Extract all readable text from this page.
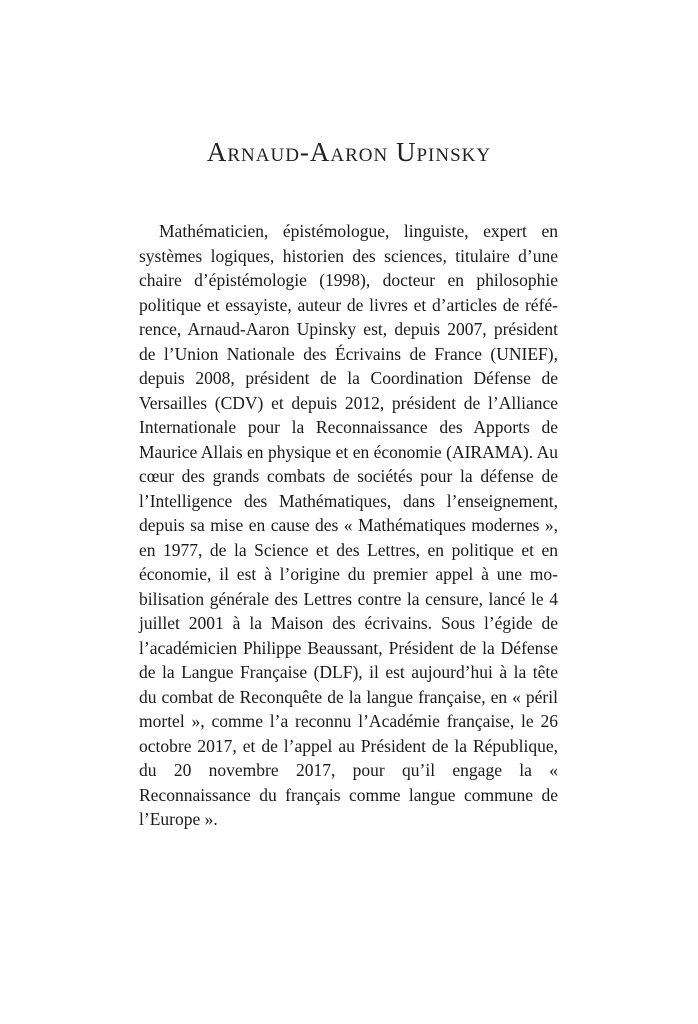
Arnaud-Aaron Upinsky

Mathématicien, épistémologue, linguiste, expert en systèmes logiques, historien des sciences, titulaire d’une chaire d’épistémologie (1998), docteur en philosophie politique et essayiste, auteur de livres et d’articles de référence, Arnaud-Aaron Upinsky est, depuis 2007, président de l’Union Nationale des Écrivains de France (UNIEF), depuis 2008, président de la Coordination Défense de Versailles (CDV) et depuis 2012, président de l’Alliance Internationale pour la Reconnaissance des Apports de Maurice Allais en physique et en économie (AIRAMA). Au cœur des grands combats de sociétés pour la défense de l’Intelligence des Mathématiques, dans l’enseignement, depuis sa mise en cause des « Mathématiques modernes », en 1977, de la Science et des Lettres, en politique et en économie, il est à l’origine du premier appel à une mobilisation générale des Lettres contre la censure, lancé le 4 juillet 2001 à la Maison des écrivains. Sous l’égide de l’académicien Philippe Beaussant, Président de la Défense de la Langue Française (DLF), il est aujourd’hui à la tête du combat de Reconquête de la langue française, en « péril mortel », comme l’a reconnu l’Académie française, le 26 octobre 2017, et de l’appel au Président de la République, du 20 novembre 2017, pour qu’il engage la « Reconnaissance du français comme langue commune de l’Europe ».
